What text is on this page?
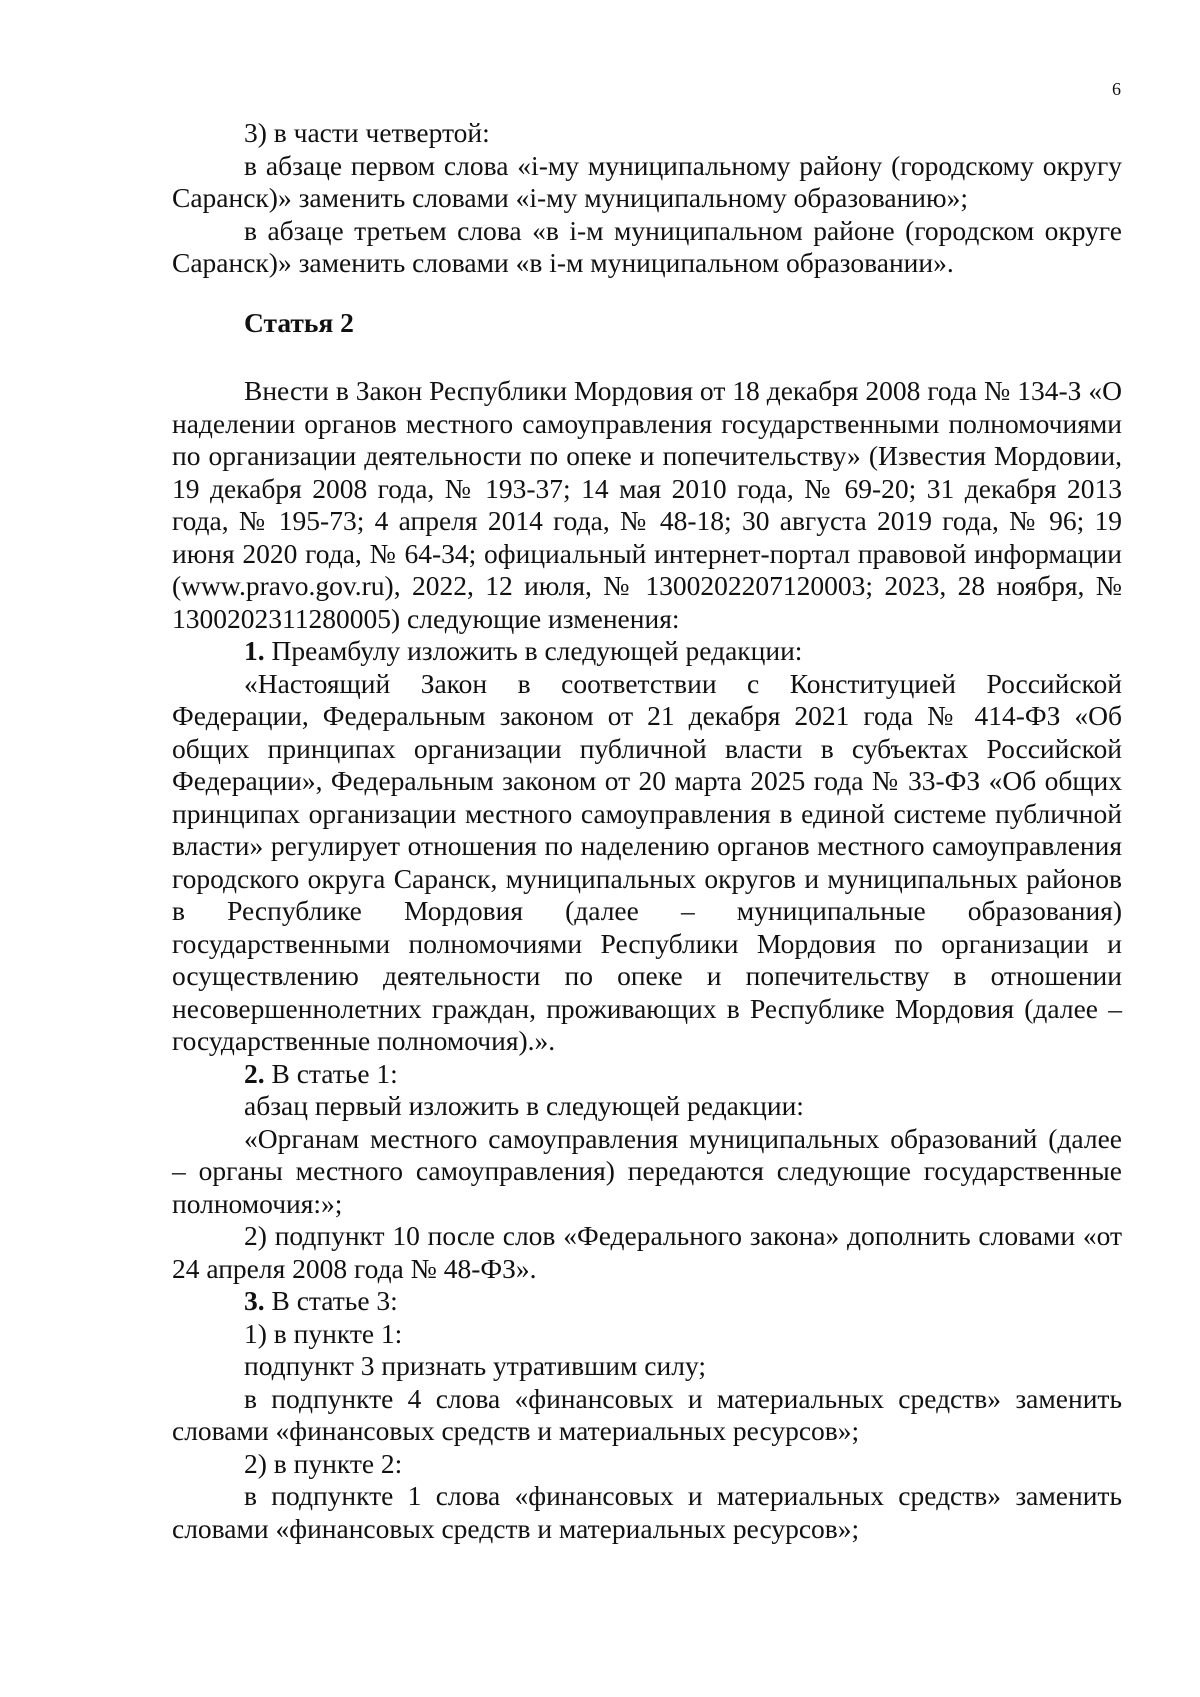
6

3) в части четвертой:

в абзаце первом слова «i-му муниципальному району (городскому округу Саранск)» заменить словами «i-му муниципальному образованию»;

в абзаце третьем слова «в i-м муниципальном районе (городском округе Саранск)» заменить словами «в i-м муниципальном образовании».

Статья 2

Внести в Закон Республики Мордовия от 18 декабря 2008 года № 134-З «О наделении органов местного самоуправления государственными полномочиями по организации деятельности по опеке и попечительству» (Известия Мордовии, 19 декабря 2008 года, № 193-37; 14 мая 2010 года, № 69-20; 31 декабря 2013 года, № 195-73; 4 апреля 2014 года, № 48-18; 30 августа 2019 года, № 96; 19 июня 2020 года, № 64-34; официальный интернет-портал правовой информации (www.pravo.gov.ru), 2022, 12 июля, № 1300202207120003; 2023, 28 ноября, № 1300202311280005) следующие изменения:

1. Преамбулу изложить в следующей редакции:

«Настоящий Закон в соответствии с Конституцией Российской Федерации, Федеральным законом от 21 декабря 2021 года № 414-ФЗ «Об общих принципах организации публичной власти в субъектах Российской Федерации», Федеральным законом от 20 марта 2025 года № 33-ФЗ «Об общих принципах организации местного самоуправления в единой системе публичной власти» регулирует отношения по наделению органов местного самоуправления городского округа Саранск, муниципальных округов и муниципальных районов в Республике Мордовия (далее – муниципальные образования) государственными полномочиями Республики Мордовия по организации и осуществлению деятельности по опеке и попечительству в отношении несовершеннолетних граждан, проживающих в Республике Мордовия (далее – государственные полномочия).».

2. В статье 1:

абзац первый изложить в следующей редакции:

«Органам местного самоуправления муниципальных образований (далее – органы местного самоуправления) передаются следующие государственные полномочия:»;

2) подпункт 10 после слов «Федерального закона» дополнить словами «от 24 апреля 2008 года № 48-ФЗ».

3. В статье 3:

1) в пункте 1:

подпункт 3 признать утратившим силу;

в подпункте 4 слова «финансовых и материальных средств» заменить словами «финансовых средств и материальных ресурсов»;

2) в пункте 2:

в подпункте 1 слова «финансовых и материальных средств» заменить словами «финансовых средств и материальных ресурсов»;
